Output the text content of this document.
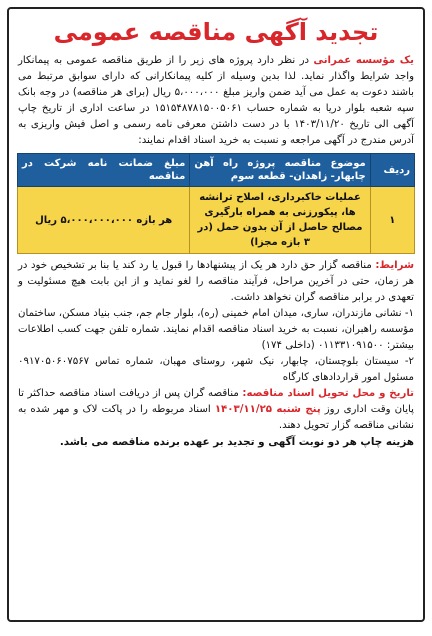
تجدید آگهی مناقصه عمومی

یک مؤسسه عمرانی در نظر دارد پروژه های زیر را از طریق مناقصه عمومی به پیمانکار واجد شرایط واگذار نماید. لذا بدین وسیله از کلیه پیمانکارانی که دارای سوابق مرتبط می باشند دعوت به عمل می آید ضمن واریز مبلغ ۵،۰۰۰،۰۰۰ ریال (برای هر مناقصه) در وجه بانک سپه شعبه بلوار دریا به شماره حساب ۱۵۱۵۴۸۷۸۱۵۰۰۵۰۶۱ در ساعت اداری از تاریخ چاپ آگهی الی تاریخ ۱۴۰۳/۱۱/۲۰ با در دست داشتن معرفی نامه رسمی و اصل فیش واریزی به آدرس مندرج در آگهی مراجعه و نسبت به خرید اسناد اقدام نمایند:

ردیف	موضوع مناقصه پروژه راه آهن چابهار- زاهدان- قطعه سوم	مبلغ ضمانت نامه شرکت در مناقصه
۱	عملیات خاکبرداری، اصلاح ترانشه ها، پیکورزنی به همراه بارگیری مصالح حاصل از آن بدون حمل (در ۳ بازه مجزا)	هر بازه ۵،۰۰۰،۰۰۰،۰۰۰ ریال

شرایط: مناقصه گزار حق دارد هر یک از پیشنهادها را قبول یا رد کند یا بنا بر تشخیص خود در هر زمان، حتی در آخرین مراحل، فرآیند مناقصه را لغو نماید و از این بابت هیچ مسئولیت و تعهدی در برابر مناقصه گران نخواهد داشت.

۱- نشانی مازندران، ساری، میدان امام خمینی (ره)، بلوار جام جم، جنب بنیاد مسکن، ساختمان مؤسسه راهبران، نسبت به خرید اسناد مناقصه اقدام نمایند. شماره تلفن جهت کسب اطلاعات بیشتر: ۰۱۱۳۳۱۰۹۱۵۰۰ (داخلی ۱۷۴)

۲- سیستان بلوچستان، چابهار، نیک شهر، روستای مهبان، شماره تماس ۰۹۱۷۰۵۰۶۰۷۵۶۷ مسئول امور قراردادهای کارگاه

تاریخ و محل تحویل اسناد مناقصه: مناقصه گران پس از دریافت اسناد مناقصه حداکثر تا پایان وقت اداری روز پنج شنبه ۱۴۰۳/۱۱/۲۵ اسناد مربوطه را در پاکت لاک و مهر شده به نشانی مناقصه گزار تحویل دهند.

هزینه چاپ هر دو نوبت آگهی و تجدید بر عهده برنده مناقصه می باشد.
